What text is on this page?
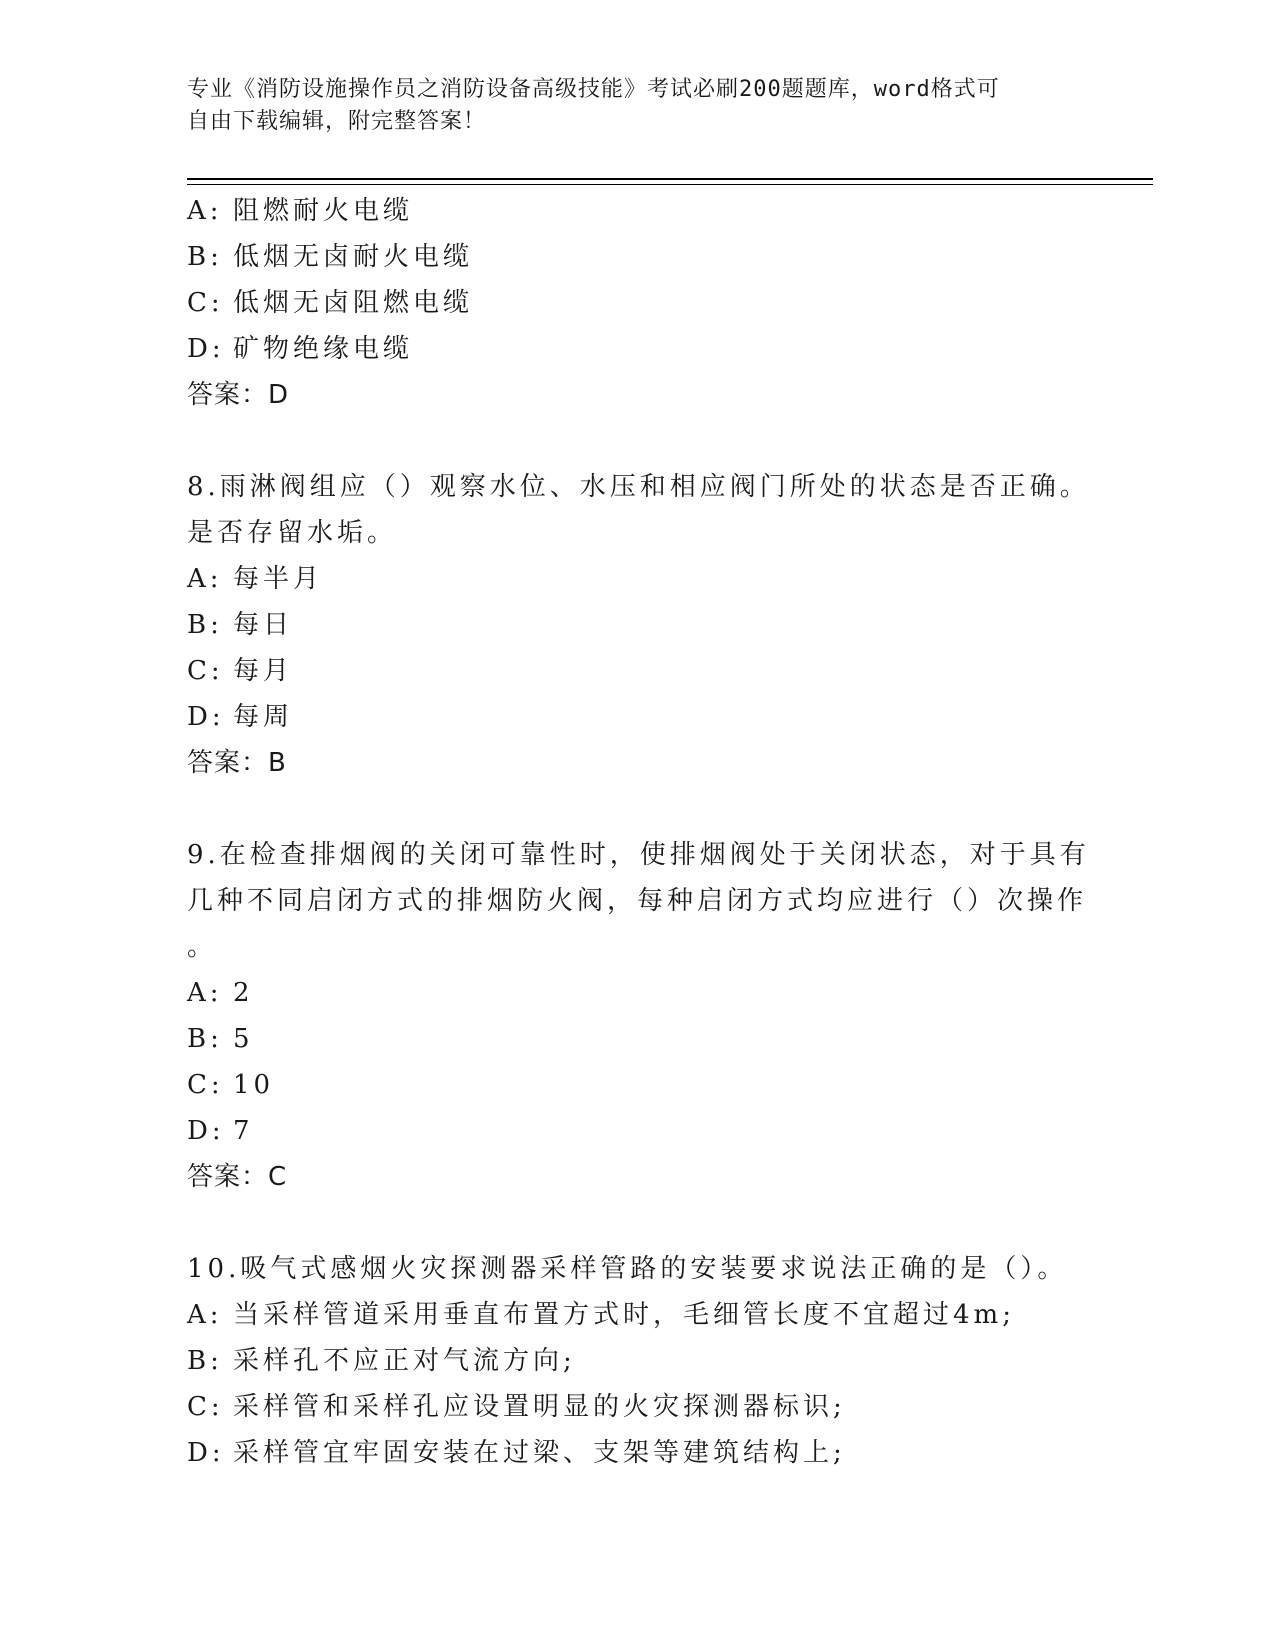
专业《消防设施操作员之消防设备高级技能》考试必刷200题题库，word格式可
自由下载编辑，附完整答案！
A: 阻燃耐火电缆
B: 低烟无卤耐火电缆
C: 低烟无卤阻燃电缆
D: 矿物绝缘电缆
答案：D
8.雨淋阀组应（）观察水位、水压和相应阀门所处的状态是否正确。
是否存留水垢。
A: 每半月
B: 每日
C: 每月
D: 每周
答案：B
9.在检查排烟阀的关闭可靠性时，使排烟阀处于关闭状态，对于具有
几种不同启闭方式的排烟防火阀，每种启闭方式均应进行（）次操作
。
A: 2
B: 5
C: 10
D: 7
答案：C
10.吸气式感烟火灾探测器采样管路的安装要求说法正确的是（）。
A: 当采样管道采用垂直布置方式时，毛细管长度不宜超过4m;
B: 采样孔不应正对气流方向;
C: 采样管和采样孔应设置明显的火灾探测器标识;
D: 采样管宜牢固安装在过梁、支架等建筑结构上;
